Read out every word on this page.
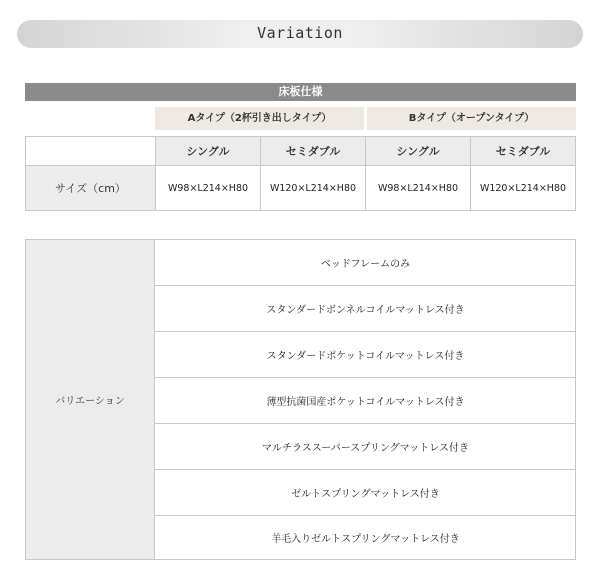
Variation
床板仕様
Aタイプ（2杯引き出しタイプ）	Bタイプ（オープンタイプ）
シングル	セミダブル	シングル	セミダブル
サイズ（cm）	W98×L214×H80	W120×L214×H80	W98×L214×H80	W120×L214×H80
バリエーション
ベッドフレームのみ
スタンダードボンネルコイルマットレス付き
スタンダードポケットコイルマットレス付き
薄型抗菌国産ポケットコイルマットレス付き
マルチラススーパースプリングマットレス付き
ゼルトスプリングマットレス付き
羊毛入りゼルトスプリングマットレス付き
